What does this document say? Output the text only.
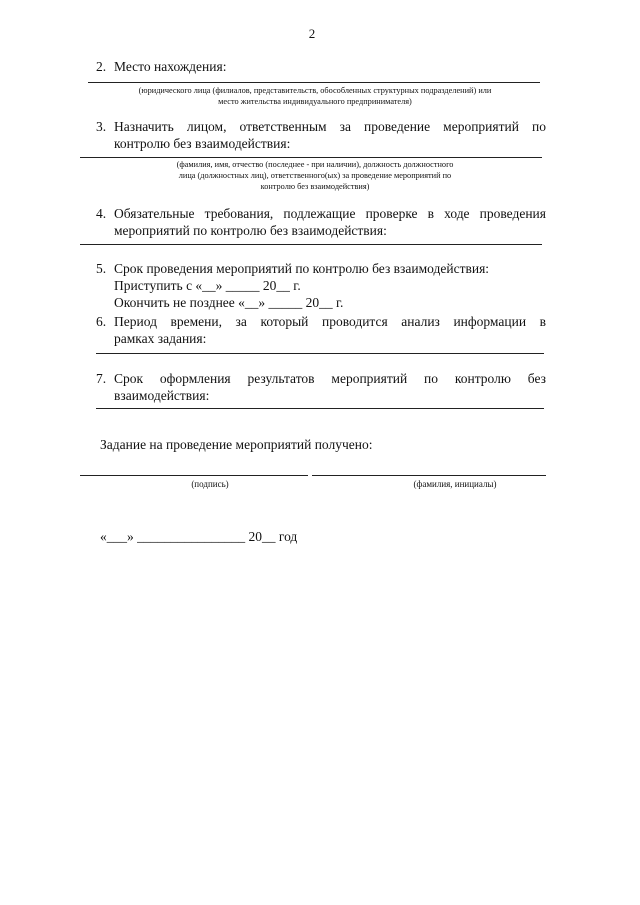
2
2. Место нахождения:
(юридического лица (филиалов, представительств, обособленных структурных подразделений) или
место жительства индивидуального предпринимателя)
3. Назначить лицом, ответственным за проведение мероприятий по
контролю без взаимодействия:
(фамилия, имя, отчество (последнее - при наличии), должность должностного
лица (должностных лиц), ответственного(ых) за проведение мероприятий по
контролю без взаимодействия)
4. Обязательные требования, подлежащие проверке в ходе проведения
мероприятий по контролю без взаимодействия:
5. Срок проведения мероприятий по контролю без взаимодействия:
Приступить с «__» _____ 20__ г.
Окончить не позднее «__» _____ 20__ г.
6. Период времени, за который проводится анализ информации в
рамках задания:
7. Срок оформления результатов мероприятий по контролю без
взаимодействия:
Задание на проведение мероприятий получено:
(подпись)	(фамилия, инициалы)
«___» ________________ 20__ год
